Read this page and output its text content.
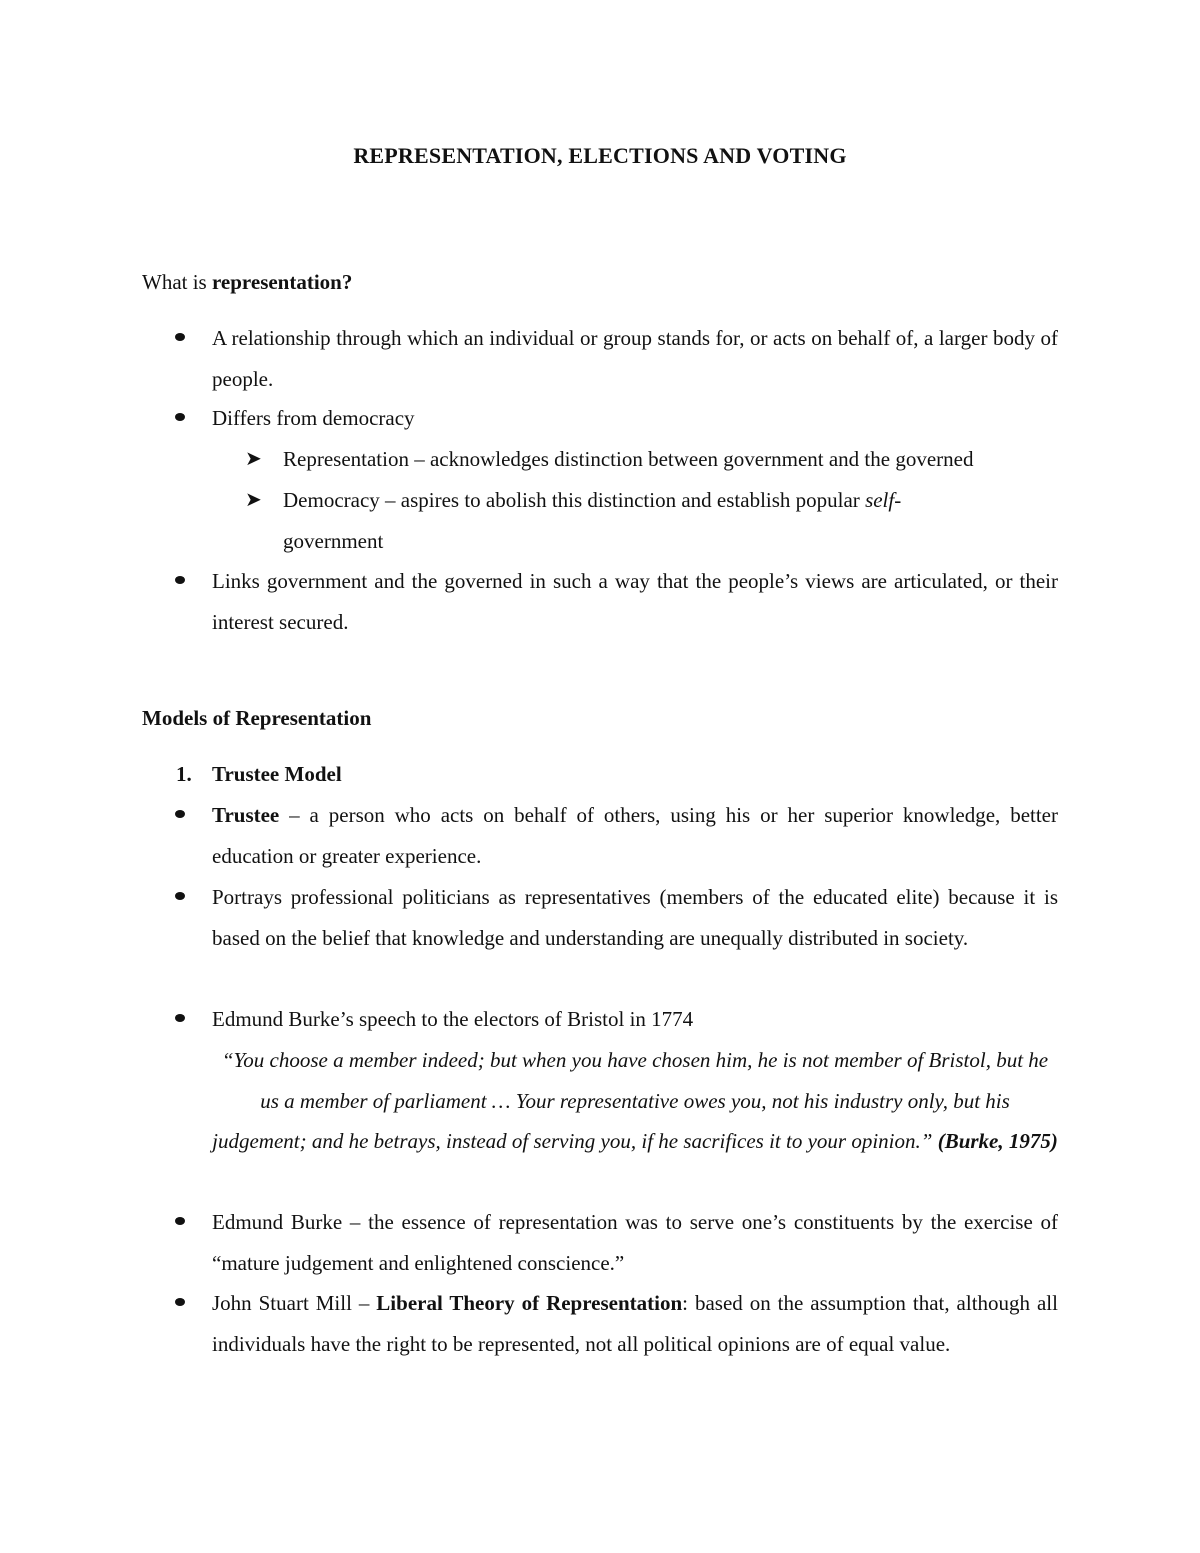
REPRESENTATION, ELECTIONS AND VOTING
What is representation?
A relationship through which an individual or group stands for, or acts on behalf of, a larger body of people.
Differs from democracy
➤ Representation – acknowledges distinction between government and the governed
➤ Democracy – aspires to abolish this distinction and establish popular self-
government
Links government and the governed in such a way that the people’s views are articulated, or their interest secured.
Models of Representation
1. Trustee Model
Trustee – a person who acts on behalf of others, using his or her superior knowledge, better education or greater experience.
Portrays professional politicians as representatives (members of the educated elite) because it is based on the belief that knowledge and understanding are unequally distributed in society.
Edmund Burke’s speech to the electors of Bristol in 1774
“You choose a member indeed; but when you have chosen him, he is not member of Bristol, but he us a member of parliament … Your representative owes you, not his industry only, but his judgement; and he betrays, instead of serving you, if he sacrifices it to your opinion.” (Burke, 1975)
Edmund Burke – the essence of representation was to serve one’s constituents by the exercise of “mature judgement and enlightened conscience.”
John Stuart Mill – Liberal Theory of Representation: based on the assumption that, although all individuals have the right to be represented, not all political opinions are of equal value.
